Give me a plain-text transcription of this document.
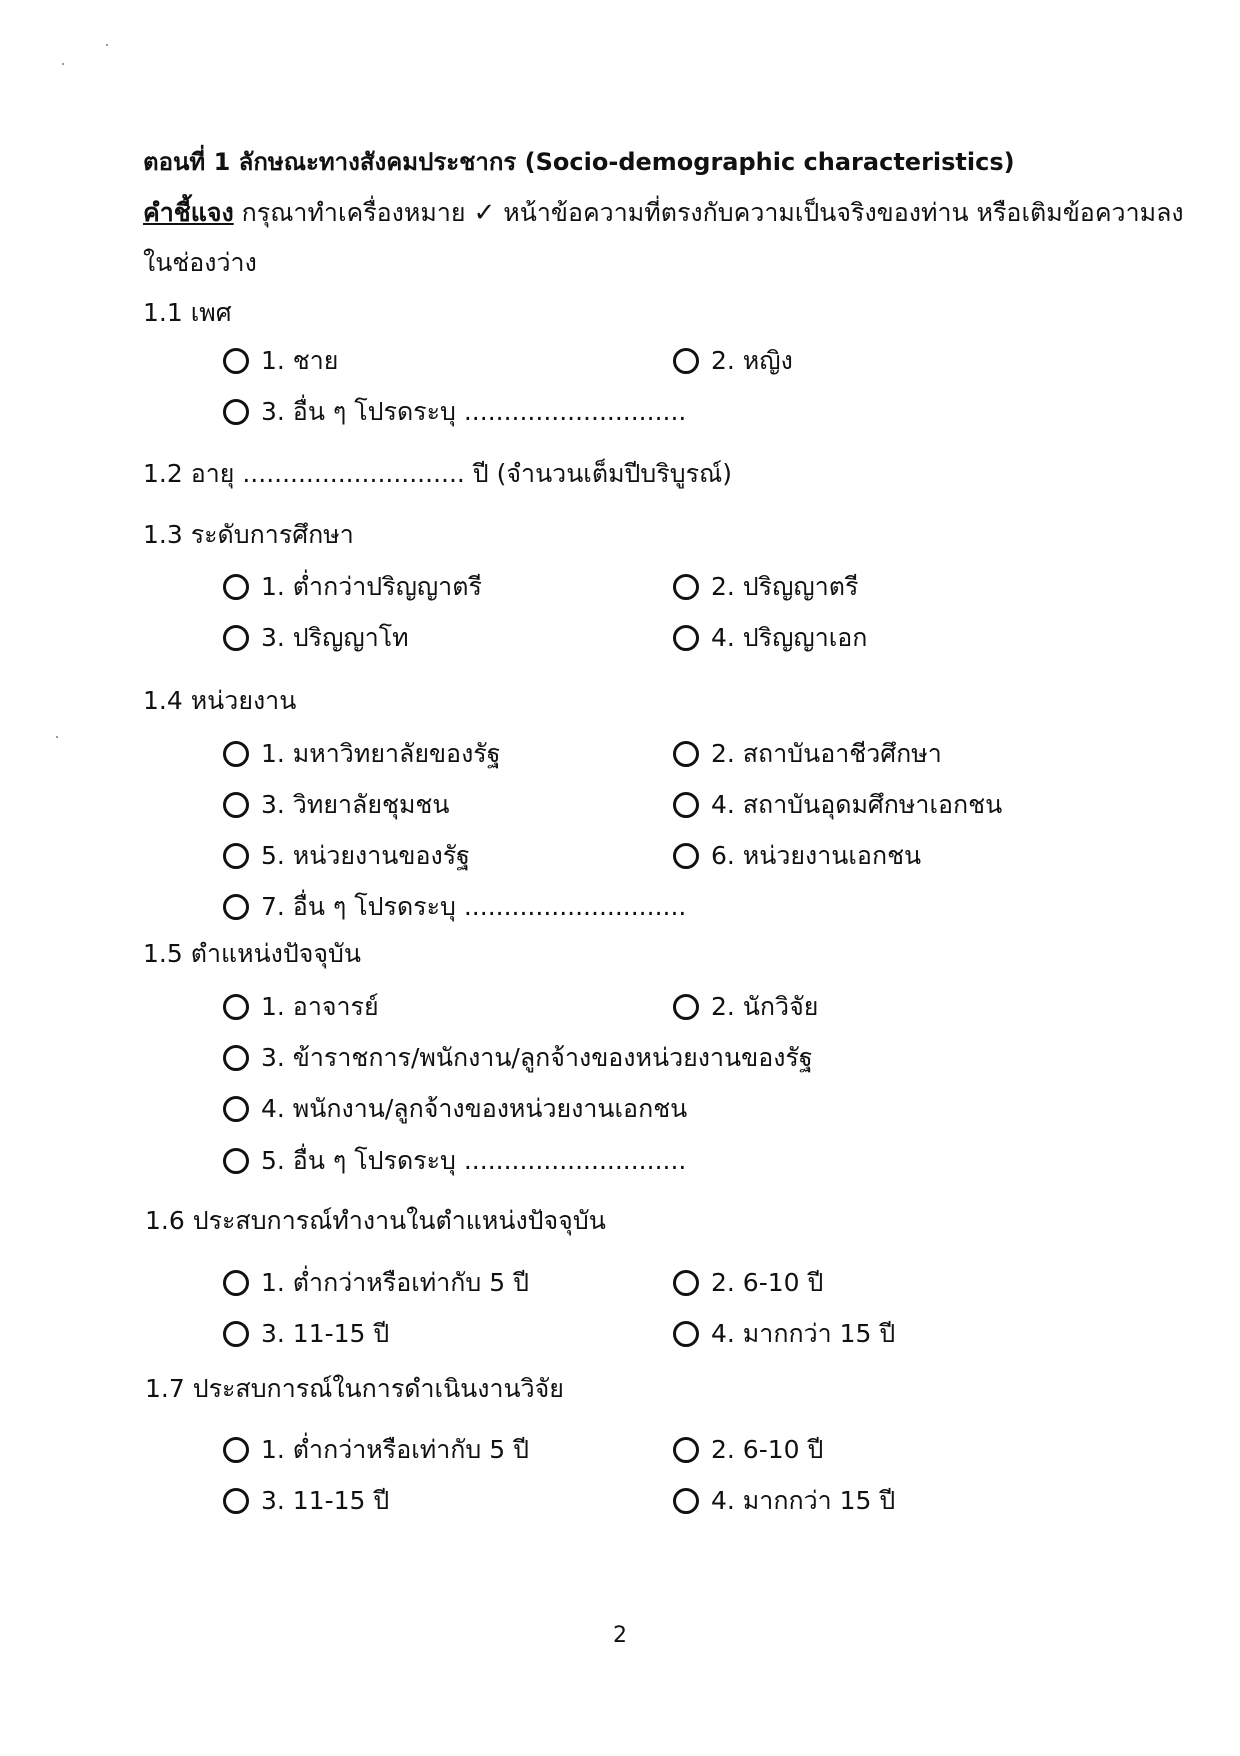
ตอนที่ 1 ลักษณะทางสังคมประชากร (Socio-demographic characteristics)
คำชี้แจง กรุณาทำเครื่องหมาย ✓ หน้าข้อความที่ตรงกับความเป็นจริงของท่าน หรือเติมข้อความลง
ในช่องว่าง
1.1 เพศ
1. ชาย	2. หญิง
3. อื่น ๆ โปรดระบุ ............................
1.2 อายุ ............................ ปี (จำนวนเต็มปีบริบูรณ์)
1.3 ระดับการศึกษา
1. ต่ำกว่าปริญญาตรี	2. ปริญญาตรี
3. ปริญญาโท	4. ปริญญาเอก
1.4 หน่วยงาน
1. มหาวิทยาลัยของรัฐ	2. สถาบันอาชีวศึกษา
3. วิทยาลัยชุมชน	4. สถาบันอุดมศึกษาเอกชน
5. หน่วยงานของรัฐ	6. หน่วยงานเอกชน
7. อื่น ๆ โปรดระบุ ............................
1.5 ตำแหน่งปัจจุบัน
1. อาจารย์	2. นักวิจัย
3. ข้าราชการ/พนักงาน/ลูกจ้างของหน่วยงานของรัฐ
4. พนักงาน/ลูกจ้างของหน่วยงานเอกชน
5. อื่น ๆ โปรดระบุ ............................
1.6 ประสบการณ์ทำงานในตำแหน่งปัจจุบัน
1. ต่ำกว่าหรือเท่ากับ 5 ปี	2. 6-10 ปี
3. 11-15 ปี	4. มากกว่า 15 ปี
1.7 ประสบการณ์ในการดำเนินงานวิจัย
1. ต่ำกว่าหรือเท่ากับ 5 ปี	2. 6-10 ปี
3. 11-15 ปี	4. มากกว่า 15 ปี
2
